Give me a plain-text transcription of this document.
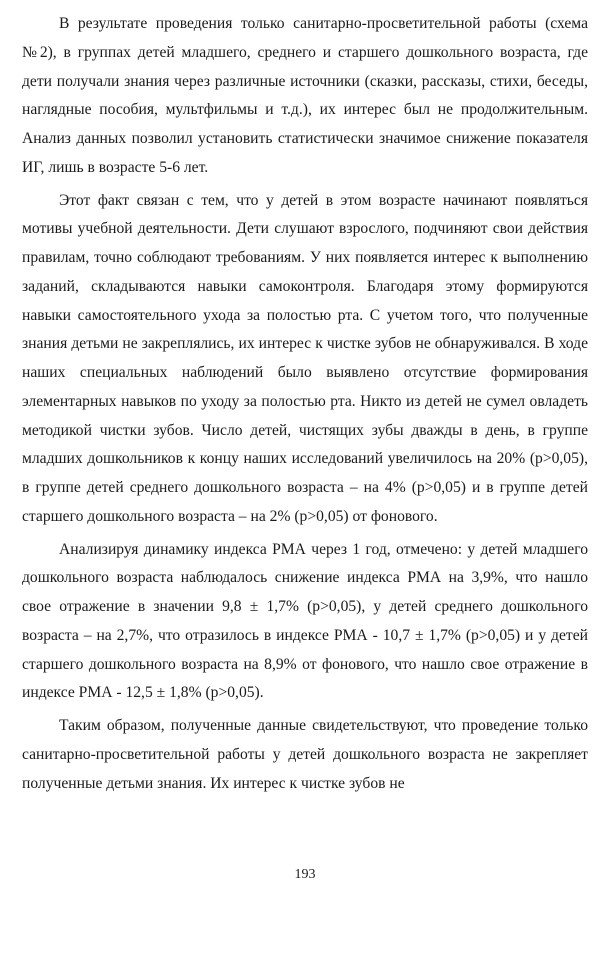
В результате проведения только санитарно-просветительной работы (схема №2), в группах детей младшего, среднего и старшего дошкольного возраста, где дети получали знания через различные источники (сказки, рассказы, стихи, беседы, наглядные пособия, мультфильмы и т.д.), их интерес был не продолжительным. Анализ данных позволил установить статистически значимое снижение показателя ИГ, лишь в возрасте 5-6 лет.

Этот факт связан с тем, что у детей в этом возрасте начинают появляться мотивы учебной деятельности. Дети слушают взрослого, подчиняют свои действия правилам, точно соблюдают требованиям. У них появляется интерес к выполнению заданий, складываются навыки самоконтроля. Благодаря этому формируются навыки самостоятельного ухода за полостью рта. С учетом того, что полученные знания детьми не закреплялись, их интерес к чистке зубов не обнаруживался. В ходе наших специальных наблюдений было выявлено отсутствие формирования элементарных навыков по уходу за полостью рта. Никто из детей не сумел овладеть методикой чистки зубов. Число детей, чистящих зубы дважды в день, в группе младших дошкольников к концу наших исследований увеличилось на 20% (p>0,05), в группе детей среднего дошкольного возраста – на 4% (p>0,05) и в группе детей старшего дошкольного возраста – на 2% (p>0,05) от фонового.

Анализируя динамику индекса РМА через 1 год, отмечено: у детей младшего дошкольного возраста наблюдалось снижение индекса РМА на 3,9%, что нашло свое отражение в значении 9,8 ± 1,7% (p>0,05), у детей среднего дошкольного возраста – на 2,7%, что отразилось в индексе РМА - 10,7 ± 1,7% (p>0,05) и у детей старшего дошкольного возраста на 8,9% от фонового, что нашло свое отражение в индексе РМА - 12,5 ± 1,8% (p>0,05).

Таким образом, полученные данные свидетельствуют, что проведение только санитарно-просветительной работы у детей дошкольного возраста не закрепляет полученные детьми знания. Их интерес к чистке зубов не

193
